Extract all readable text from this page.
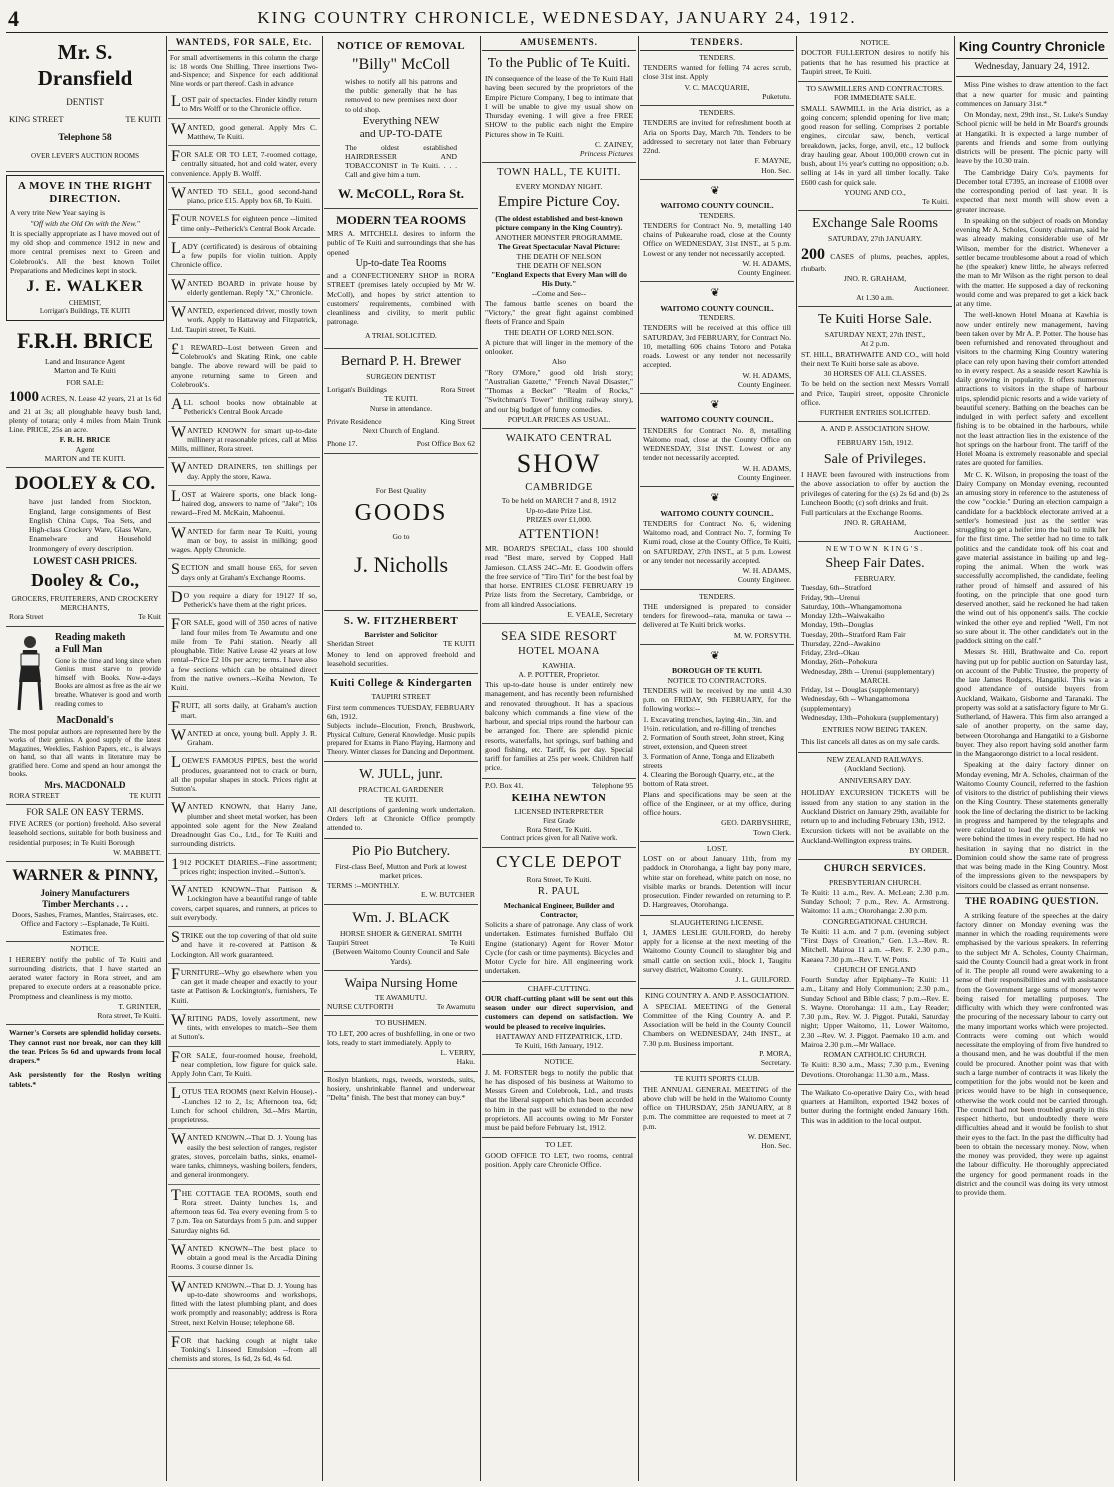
4	KING COUNTRY CHRONICLE, WEDNESDAY, JANUARY 24, 1912.
Mr. S. Dransfield
DENTIST
KING STREET	TE KUITI
Telephone 58
OVER LEVER'S AUCTION ROOMS
A MOVE IN THE RIGHT DIRECTION.

A very trite New Year saying is

"Off with the Old On with the New."

It is specially appropriate as I have moved out of my old shop and commence 1912 in new and more central premises next to Green and Colebrook's. All the best known Toilet Preparations and Medicines kept in stock.

J. E. WALKER
CHEMIST,
Lorrigan's Buildings, TE KUITI
F.R.H. BRICE
Land and Insurance Agent
Marton and Te Kuiti
FOR SALE:

1000 ACRES, N. Lease 42 years, 21 at 1s 6d and 21 at 3s; all ploughable heavy bush land, plenty of totara; only 4 miles from Main Trunk Line. PRICE, 25s an acre.

F. R. H. BRICE
Agent
MARTON and TE KUITI.
DOOLEY & CO.

have just landed from Stockton, England, large consignments of Best English China Cups, Tea Sets, and High-class Crockery Ware, Glass Ware, Enamelware and Household Ironmongery of every description.

LOWEST CASH PRICES.
Dooley & Co.,
GROCERS, FRUITERERS, AND CROCKERY MERCHANTS,
Rora Street	Te Kuit
Reading maketh
a Full Man

Gone is the time and long since when Genius must starve to provide himself with Books. Now-a-days Books are almost as free as the air we breathe. Whatever is good and worth reading comes to

MacDonald's

The most popular authors are represented here by the works of their genius. A good supply of the latest Magazines, Weeklies, Fashion Papers, etc., is always on hand, so that all wants in literature may be gratified here. Come and spend an hour amongst the books.

Mrs. MACDONALD
RORA STREET	TE KUITI
FOR SALE ON EASY TERMS.

FIVE ACRES (or portion) freehold. Also several leasehold sections, suitable for both business and residential purposes; in Te Kuiti Borough

W. MABBETT.
WARNER & PINNY,
Joinery Manufacturers
Timber Merchants . . .
Doors, Sashes, Frames, Mantles, Staircases, etc.
Office and Factory :--Esplanade, Te Kuiti.
Estimates free.
NOTICE.

I HEREBY notify the public of Te Kuiti and surrounding districts, that I have started an aerated water factory in Rora street, and am prepared to execute orders at a reasonable price. Promptness and cleanliness is my motto.

T. GRINTER,
Rora street, Te Kuiti.

Warner's Corsets are splendid holiday corsets. They cannot rust nor break, nor can they kill the tear. Prices 5s 6d and upwards from local drapers.*

Ask persistently for the Roslyn writing tablets.*

WANTEDS, FOR SALE, Etc.

For small advertisements in this column the charge is: 18 words One Shilling, Three insertions Two-and-Sixpence; and Sixpence for each additional Nine words or part thereof. Cash in advance

LOST pair of spectacles. Finder kindly return to Mrs Wolff or to the Chronicle office.

WANTED, good general. Apply Mrs C. Matthew, Te Kuiti.

FOR SALE OR TO LET, 7-roomed cottage, centrally situated, hot and cold water, every convenience. Apply B. Wolff.

WANTED TO SELL, good second-hand piano, price £15. Apply box 68, Te Kuiti.

FOUR NOVELS for eighteen pence --limited time only--Petherick's Central Book Arcade.

LADY (certificated) is desirous of obtaining a few pupils for violin tuition. Apply Chronicle office.

WANTED BOARD in private house by elderly gentleman. Reply "X," Chronicle.

WANTED, experienced driver, mostly town work. Apply to Hattaway and Fitzpatrick, Ltd. Taupiri street, Te Kuiti.

£1 REWARD--Lost between Green and Colebrook's and Skating Rink, one cable bangle. The above reward will be paid to anyone returning same to Green and Colebrook's.

ALL school books now obtainable at Petherick's Central Book Arcade

WANTED KNOWN for smart up-to-date millinery at reasonable prices, call at Miss Mills, milliner, Rora street.

WANTED DRAINERS, ten shillings per day. Apply the store, Kawa.

LOST at Wairere sports, one black long-haired dog, answers to name of "Jake"; 10s reward--Fred M. McKain, Mahoenui.

WANTED for farm near Te Kuiti, young man or boy, to assist in milking; good wages. Apply Chronicle.

SECTION and small house £65, for seven days only at Graham's Exchange Rooms.

DO you require a diary for 1912? If so, Petherick's have them at the right prices.

FOR SALE, good will of 350 acres of native land four miles from Te Awamutu and one mile from Te Pahi station. Nearly all ploughable. Title: Native Lease 42 years at low rental--Price £2 10s per acre; terms. I have also a few sections which can be obtained direct from the native owners.--Keiha Newton, Te Kuiti.

FRUIT, all sorts daily, at Graham's auction mart.

WANTED at once, young bull. Apply J. R. Graham.

LOEWE'S FAMOUS PIPES, best the world produces, guaranteed not to crack or burn, all the popular shapes in stock. Prices right at Sutton's.

WANTED KNOWN, that Harry Jane, plumber and sheet metal worker, has been appointed sole agent for the New Zealand Dreadnought Gas Co., Ltd., for Te Kuiti and surrounding districts.

1912 POCKET DIARIES.--Fine assortment; prices right; inspection invited.--Sutton's.

WANTED KNOWN--That Pattison & Lockington have a beautiful range of table covers, carpet squares, and runners, at prices to suit everybody.

STRIKE out the top covering of that old suite and have it re-covered at Pattison & Lockington. All work guaranteed.

FURNITURE--Why go elsewhere when you can get it made cheaper and exactly to your taste at Pattison & Lockington's, furnishers, Te Kuiti.

WRITING PADS, lovely assortment, new tints, with envelopes to match--See them at Sutton's.

FOR SALE, four-roomed house, freehold, near completion, low figure for quick sale. Apply John Carr, Te Kuiti.

LOTUS TEA ROOMS (next Kelvin House).--Lunches 12 to 2, 1s; Afternoon tea, 6d; Lunch for school children, 3d.--Mrs Martin, proprietress.

WANTED KNOWN.--That D. J. Young has easily the best selection of ranges, register grates, stoves, porcelain baths, sinks, enamel-ware tanks, chimneys, washing boilers, fenders, and general ironmongery.

THE COTTAGE TEA ROOMS, south end Rora street. Dainty lunches 1s, and afternoon teas 6d. Tea every evening from 5 to 7 p.m. Tea on Saturdays from 5 p.m. and supper Saturday nights 6d.

WANTED KNOWN--The best place to obtain a good meal is the Arcadia Dining Rooms. 3 course dinner 1s.

WANTED KNOWN.--That D. J. Young has up-to-date showrooms and workshops, fitted with the latest plumbing plant, and does work promptly and reasonably; address is Rora Street, next Kelvin House; telephone 68.

FOR that hacking cough at night take Tonking's Linseed Emulsion --from all chemists and stores, 1s 6d, 2s 6d, 4s 6d.

NOTICE OF REMOVAL
"Billy" McColl

wishes to notify all his patrons and the public generally that he has removed to new premises next door to old shop.

Everything NEW
and UP-TO-DATE

The oldest established HAIRDRESSER AND TOBACCONIST in Te Kuiti. . . . Call and give him a turn.

W. McCOLL, Rora St.
MODERN TEA ROOMS

MRS A. MITCHELL desires to inform the public of Te Kuiti and surroundings that she has opened

Up-to-date Tea Rooms

and a CONFECTIONERY SHOP in RORA STREET (premises lately occupied by Mr W. McColl), and hopes by strict attention to customers' requirements, combined with cleanliness and civility, to merit public patronage.

A TRIAL SOLICITED.
Bernard P. H. Brewer
SURGEON DENTIST
Lorigan's Buildings	Rora Street
TE KUITI.
Nurse in attendance.
Private Residence	King Street
Next Church of England.
Phone 17.	Post Office Box 62
For Best Quality
GOODS
Go to
J. Nicholls
S. W. FITZHERBERT
Barrister and Solicitor
Sheridan Street	TE KUITI

Money to lend on approved freehold and leasehold securities.

Kuiti College & Kindergarten
TAUPIRI STREET

First term commences TUESDAY, FEBRUARY 6th, 1912.

Subjects include--Elocution, French, Brushwork, Physical Culture, General Knowledge. Music pupils prepared for Exams in Piano Playing, Harmony and Theory. Winter classes for Dancing and Deportment.

W. JULL, junr.
PRACTICAL GARDENER
TE KUITI.

All descriptions of gardening work undertaken. Orders left at Chronicle Office promptly attended to.

Pio Pio Butchery.

First-class Beef, Mutton and Pork at lowest market prices.

TERMS :--MONTHLY.
E. W. BUTCHER
Wm. J. BLACK
HORSE SHOER & GENERAL SMITH
Taupiri Street	Te Kuiti
(Between Waitomo County Council and Sale Yards).
Waipa Nursing Home
TE AWAMUTU.
NURSE CUTFORTH	Te Awamutu
TO BUSHMEN.

TO LET, 200 acres of bushfelling, in one or two lots, ready to start immediately. Apply to

L. VERRY,
Haku.

Roslyn blankets, rugs, tweeds, worsteds, suits, hosiery, unshrinkable flannel and underwear "Delta" finish. The best that money can buy.*

AMUSEMENTS.
To the Public of Te Kuiti.

IN consequence of the lease of the Te Kuiti Hall having been secured by the proprietors of the Empire Picture Company, I beg to intimate that I will be unable to give my usual show on Thursday evening. I will give a free FREE SHOW to the public each night the Empire Pictures show in Te Kuiti.

C. ZAINEY,
Princess Pictures
TOWN HALL, TE KUITI.
EVERY MONDAY NIGHT.
Empire Picture Coy.

(The oldest established and best-known picture company in the King Country).

ANOTHER MONSTER PROGRAMME.
The Great Spectacular Naval Picture:
THE DEATH OF NELSON
THE DEATH OF NELSON
"England Expects that Every Man will do His Duty."
--Come and See--

The famous battle scenes on board the "Victory," the great fight against combined fleets of France and Spain

THE DEATH OF LORD NELSON.

A picture that will linger in the memory of the onlooker.

Also

"Rory O'More," good old Irish story; "Australian Gazette," "French Naval Disaster," "Thomas a Becket" "Realm of Rocks," "Switchman's Tower" thrilling railway story), and our big budget of funny comedies.

POPULAR PRICES AS USUAL.
WAIKATO CENTRAL
SHOW
CAMBRIDGE
To be held on MARCH 7 and 8, 1912
Up-to-date Prize List.
PRIZES over £1,000.
ATTENTION!

MR. BOARD'S SPECIAL, class 100 should read "Best mare, served by Copped Hall Jamieson. CLASS 24C--Mr. E. Goodwin offers the free service of "Tiro Tiri" for the best foal by that horse. ENTRIES CLOSE FEBRUARY 19 Prize lists from the Secretary, Cambridge, or from all kindred Associations.

E. VEALE, Secretary
SEA SIDE RESORT
HOTEL MOANA
KAWHIA.
A. P. POTTER, Proprietor.

This up-to-date house is under entirely new management, and has recently been refurnished and renovated throughout. It has a spacious balcony which commands a fine view of the harbour, and special trips round the harbour can be arranged for. There are splendid picnic resorts, waterfalls, hot springs, surf bathing and good fishing, etc. Tariff, 6s per day. Special tariff for families at 25s per week. Children half price.

P.O. Box 41.	Telephone 95
KEIHA NEWTON
LICENSED INTERPRETER
First Grade
Rora Street, Te Kuiti.
Contract prices given for all Native work.
CYCLE DEPOT
Rora Street, Te Kuiti.
R. PAUL
Mechanical Engineer, Builder and Contractor,

Solicits a share of patronage. Any class of work undertaken. Estimates furnished Buffalo Oil Engine (stationary) Agent for Rover Motor Cycle (for cash or time payments). Bicycles and Motor Cycle for hire. All engineering work undertaken.

CHAFF-CUTTING.

OUR chaff-cutting plant will be sent out this season under our direct supervision, and customers can depend on satisfaction. We would be pleased to receive inquiries.

HATTAWAY AND FITZPATRICK, LTD.
Te Kuiti, 16th January, 1912.
NOTICE.

J. M. FORSTER begs to notify the public that he has disposed of his business at Waitomo to Messrs Green and Colebrook, Ltd., and trusts that the liberal support which has been accorded to him in the past will be extended to the new proprietors. All accounts owing to Mr Forster must be paid before February 1st, 1912.

TO LET.

GOOD OFFICE TO LET, two rooms, central position. Apply care Chronicle Office.

TENDERS.
TENDERS.

TENDERS wanted for felling 74 acres scrub, close 31st inst. Apply

V. C. MACQUARIE,
Puketutu.
TENDERS.

TENDERS are invited for refreshment booth at Aria on Sports Day, March 7th. Tenders to be addressed to secretary not later than February 22nd.

F. MAYNE,
Hon. Sec.
❦
WAITOMO COUNTY COUNCIL.
TENDERS.

TENDERS for Contract No. 9, metalling 140 chains of Pukearuhe road, close at the County Office on WEDNESDAY, 31st INST., at 5 p.m. Lowest or any tender not necessarily accepted.

W. H. ADAMS,
County Engineer.
❦
WAITOMO COUNTY COUNCIL.
TENDERS.

TENDERS will be received at this office till SATURDAY, 3rd FEBRUARY, for Contract No. 10, metalling 606 chains Totoro and Potaka roads. Lowest or any tender not necessarily accepted.

W. H. ADAMS,
County Engineer.
❦
WAITOMO COUNTY COUNCIL.

TENDERS for Contract No. 8, metalling Waitomo road, close at the County Office on WEDNESDAY, 31st INST. Lowest or any tender not necessarily accepted.

W. H. ADAMS,
County Engineer.
❦
WAITOMO COUNTY COUNCIL.

TENDERS for Contract No. 6, widening Waitomo road, and Contract No. 7, forming Te Kumi road, close at the County Office, Te Kuiti, on SATURDAY, 27th INST., at 5 p.m. Lowest or any tender not necessarily accepted.

W. H. ADAMS,
County Engineer.
TENDERS.

THE undersigned is prepared to consider tenders for firewood--rata, manuka or tawa -- delivered at Te Kuiti brick works.

M. W. FORSYTH.
❦
BOROUGH OF TE KUITI.
NOTICE TO CONTRACTORS.

TENDERS will be received by me until 4.30 p.m. on FRIDAY, 9th FEBRUARY, for the following works:--

1. Excavating trenches, laying 4in., 3in. and 1½in. reticulation, and re-filling of trenches
2. Formation of South street, John street, King street, extension, and Queen street
3. Formation of Anne, Tonga and Elizabeth streets
4. Clearing the Borough Quarry, etc., at the bottom of Rata street.

Plans and specifications may be seen at the office of the Engineer, or at my office, during office hours.

GEO. DARBYSHIRE,
Town Clerk.
LOST.

LOST on or about January 11th, from my paddock in Otorohanga, a light bay pony mare, white star on forehead, white patch on nose, no visible marks or brands. Detention will incur prosecution. Finder rewarded on returning to P. D. Hargreaves, Otorohanga.

SLAUGHTERING LICENSE.

I, JAMES LESLIE GUILFORD, do hereby apply for a license at the next meeting of the Waitomo County Council to slaughter big and small cattle on section xxii., block 1, Taugitu survey district, Waitomo County.

J. L. GUILFORD.
KING COUNTRY A. AND P. ASSOCIATION.

A SPECIAL MEETING of the General Committee of the King Country A. and P. Association will be held in the County Council Chambers on WEDNESDAY, 24th INST., at 7.30 p.m. Business important.

P. MORA,
Secretary.
TE KUITI SPORTS CLUB.

THE ANNUAL GENERAL MEETING of the above club will be held in the Waitomo County office on THURSDAY, 25th JANUARY, at 8 p.m. The committee are requested to meet at 7 p.m.

W. DEMENT,
Hon. Sec.
NOTICE.

DOCTOR FULLERTON desires to notify his patients that he has resumed his practice at Taupiri street, Te Kuiti.

TO SAWMILLERS AND CONTRACTORS.
FOR IMMEDIATE SALE.

SMALL SAWMILL in the Aria district, as a going concern; splendid opening for live man; good reason for selling. Comprises 2 portable engines, circular saw, bench, vertical breakdown, jacks, forge, anvil, etc., 12 bullock dray hauling gear. About 100,000 crown cut in bush, about 1½ year's cutting no opposition; o.b. selling at 14s in yard all timber locally. Take £600 cash for quick sale.

YOUNG AND CO.,
Te Kuiti.
Exchange Sale Rooms
SATURDAY, 27th JANUARY.

200 CASES of plums, peaches, apples, rhubarb.

JNO. R. GRAHAM,
Auctioneer.
At 1.30 a.m.
Te Kuiti Horse Sale.
SATURDAY NEXT, 27th INST.,
At 2 p.m.

ST. HILL, BRATHWAITE AND CO., will hold their next Te Kuiti horse sale as above.

30 HORSES OF ALL CLASSES.

To be held on the section next Messrs Vorrall and Price, Taupiri street, opposite Chronicle office.

FURTHER ENTRIES SOLICITED.
A. AND P. ASSOCIATION SHOW.
FEBRUARY 15th, 1912.
Sale of Privileges.

I HAVE been favoured with instructions from the above association to offer by auction the privileges of catering for the (s) 2s 6d and (b) 2s Luncheon Booth; (c) soft drinks and fruit.

Full particulars at the Exchange Rooms.

JNO. R. GRAHAM,
Auctioneer.
NEWTOWN KING'S.
Sheep Fair Dates.
FEBRUARY.
Tuesday, 6th--Stratford
Friday, 9th--Urenui
Saturday, 10th--Whangamomona
Monday 12th--Waiwakaiho
Monday, 19th--Douglas
Tuesday, 20th--Stratford Ram Fair
Thursday, 22nd--Awakino
Friday, 23rd--Okau
Monday, 26th--Pohokura
Wednesday, 28th -- Urenui (supplementary)
MARCH.
Friday, 1st -- Douglas (supplementary)
Wednesday, 6th -- Whangamomona (supplementary)
Wednesday, 13th--Pohokura (supplementary)
ENTRIES NOW BEING TAKEN.

This list cancels all dates as on my sale cards.

NEW ZEALAND RAILWAYS.
(Auckland Section).
ANNIVERSARY DAY.

HOLIDAY EXCURSION TICKETS will be issued from any station to any station in the Auckland District on January 29th, available for return up to and including February 13th, 1912.

Excursion tickets will not be available on the Auckland-Wellington express trains.

BY ORDER.
CHURCH SERVICES.
PRESBYTERIAN CHURCH.

Te Kuiti: 11 a.m., Rev. A. McLean; 2.30 p.m. Sunday School; 7 p.m., Rev. A. Armstrong. Waitomo: 11 a.m.; Otorohanga: 2.30 p.m.

CONGREGATIONAL CHURCH.

Te Kuiti: 11 a.m. and 7 p.m. (evening subject "First Days of Creation," Gen. 1.3.--Rev. R. Mitchell. Mairoa 11 a.m. --Rev. F. 2.30 p.m., Kaeaea 7.30 p.m.--Rev. T. W. Potts.

CHURCH OF ENGLAND

Fourth Sunday after Epiphany--Te Kuiti: 11 a.m., Litany and Holy Communion; 2.30 p.m., Sunday School and Bible class; 7 p.m.--Rev. E. S. Wayne. Otorohanga: 11 a.m., Lay Reader; 7.30 p.m., Rev. W. J. Piggot. Putaki, Saturday night; Upper Waitomo, 11, Lower Waitomo, 2.30 --Rev. W. J. Piggot. Paemako 10 a.m. and Mairoa 2.30 p.m.--Mr Wallace.

ROMAN CATHOLIC CHURCH.

Te Kuiti: 8.30 a.m., Mass; 7.30 p.m., Evening Devotions. Otorohanga: 11.30 a.m., Mass.

The Waikato Co-operative Dairy Co., with head quarters at Hamilton, exported 1942 boxes of butter during the fortnight ended January 16th. This was in addition to the local output.

King Country Chronicle
Wednesday, January 24, 1912.

Miss Pine wishes to draw attention to the fact that a new quarter for music and painting commences on January 31st.*

On Monday, next, 29th inst., St. Luke's Sunday School picnic will be held in Mr Board's grounds at Hangatiki. It is expected a large number of parents and friends and some from outlying districts will be present. The picnic party will leave by the 10.30 train.

The Cambridge Dairy Co's. payments for December total £7395, an increase of £1008 over the corresponding period of last year. It is expected that next month will show even a greater increase.

In speaking on the subject of roads on Monday evening Mr A. Scholes, County chairman, said he was already making considerable use of Mr Wilson, member for the district. Whenever a settler became troublesome about a road of which he (the speaker) knew little, he always referred the man to Mr Wilson as the right person to deal with the matter. He supposed a day of reckoning would come and was prepared to get a kick back at any time.

The well-known Hotel Moana at Kawhia is now under entirely new management, having been taken over by Mr A. P. Potter. The house has been refurnished and renovated throughout and visitors to the charming King Country watering place can rely upon having their comfort attended to in every respect. As a seaside resort Kawhia is daily growing in popularity. It offers numerous attractions to visitors in the shape of harbour trips, splendid picnic resorts and a wide variety of beautiful scenery. Bathing on the beaches can be indulged in with perfect safety and excellent fishing is to be obtained in the harbours, while not the least attraction lies in the existence of the hot springs on the harbour front. The tariff of the Hotel Moana is extremely reasonable and special rates are quoted for families.

Mr C. K. Wilson, in proposing the toast of the Dairy Company on Monday evening, recounted an amusing story in reference to the astuteness of the cow "cockie." During an election campaign a candidate for a backblock electorate arrived at a settler's homestead just as the settler was struggling to get a heifer into the bail to milk her for the first time. The settler had no time to talk politics and the candidate took off his coat and gave material assistance in bailing up and leg-roping the animal. When the work was successfully accomplished, the candidate, feeling rather proud of himself and assured of his footing, on the principle that one good turn deserved another, said he reckoned he had taken the wind out of his opponent's sails. The cockie winked the other eye and replied "Well, I'm not so sure about it. The other candidate's out in the paddock sitting on the calf."

Messrs St. Hill, Brathwaite and Co. report having put up for public auction on Saturday last, on account of the Public Trustee, the property of the late James Rodgers, Hangatiki. This was a good attendance of outside buyers from Auckland, Waikato, Gisborne and Taranaki. The property was sold at a satisfactory figure to Mr G. Sutherland, of Hawera. This firm also arranged a sale of another property, on the same day, between Otorohanga and Hangatiki to a Gisborne buyer. They also report having sold another farm in the Mangaorongo district to a local resident.

Speaking at the dairy factory dinner on Monday evening, Mr A. Scholes, chairman of the Waitomo County Council, referred to the fashion of visitors to the district of publishing their views on the King Country. These statements generally took the line of declaring the district to be lacking in progress and hampered by the telegraphs and were calculated to lead the public to think we were behind the times in every respect. He had no hesitation in saying that no district in the Dominion could show the same rate of progress that was being made in the King Country. Most of the impressions given to the newspapers by visitors could be classed as errant nonsense.

THE ROADING QUESTION.

A striking feature of the speeches at the dairy factory dinner on Monday evening was the manner in which the roading requirements were emphasised by the various speakers. In referring to the subject Mr A. Scholes, County Chairman, said the County Council had a great work in front of it. The people all round were awakening to a sense of their responsibilities and with assistance from the Government large sums of money were being raised for metalling purposes. The difficulty with which they were confronted was the procuring of the necessary labour to carry out the many important works which were projected. Contracts were coming out which would necessitate the employing of from five hundred to a thousand men, and he was doubtful if the men could be procured. Another point was that with such a large number of contracts it was likely the competition for the jobs would not be keen and prices would have to be high in consequence, otherwise the work could not be carried through. The council had not been troubled greatly in this respect hitherto, but undoubtedly there were difficulties ahead and it would be foolish to shut their eyes to the fact. In the past the difficulty had been to obtain the necessary money. Now, when the money was provided, they were up against the labour difficulty. He thoroughly appreciated the urgency for good permanent roads in the district and the council was doing its very utmost to provide them.
